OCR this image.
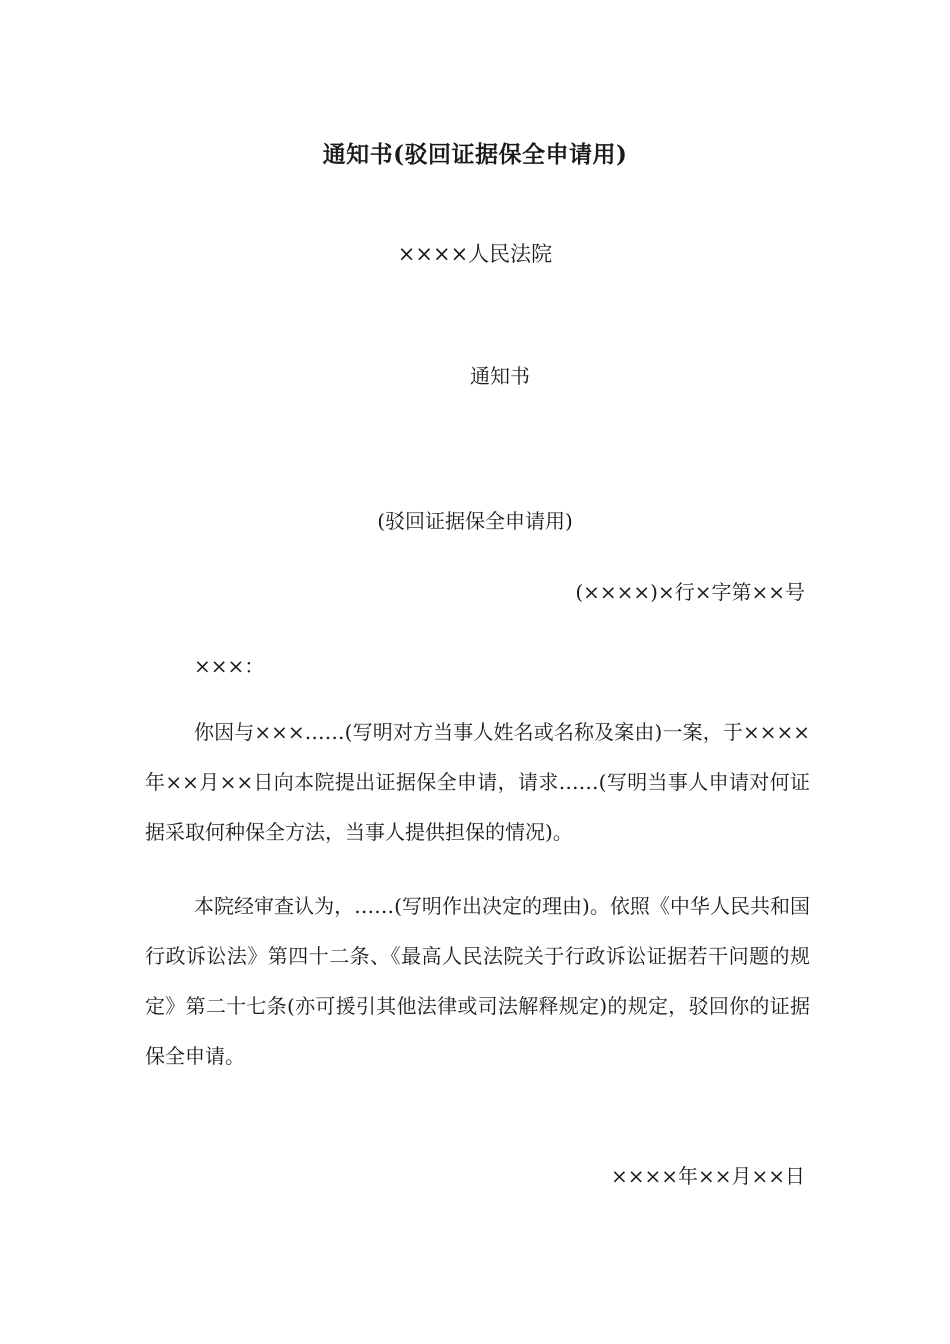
通知书(驳回证据保全申请用)
××××人民法院
通知书
(驳回证据保全申请用)
(××××)×行×字第××号
×××：
你因与×××……(写明对方当事人姓名或名称及案由)一案，于××××年××月××日向本院提出证据保全申请，请求……(写明当事人申请对何证据采取何种保全方法，当事人提供担保的情况)。
本院经审查认为，……(写明作出决定的理由)。依照《中华人民共和国行政诉讼法》第四十二条、《最高人民法院关于行政诉讼证据若干问题的规定》第二十七条(亦可援引其他法律或司法解释规定)的规定，驳回你的证据保全申请。
××××年××月××日
